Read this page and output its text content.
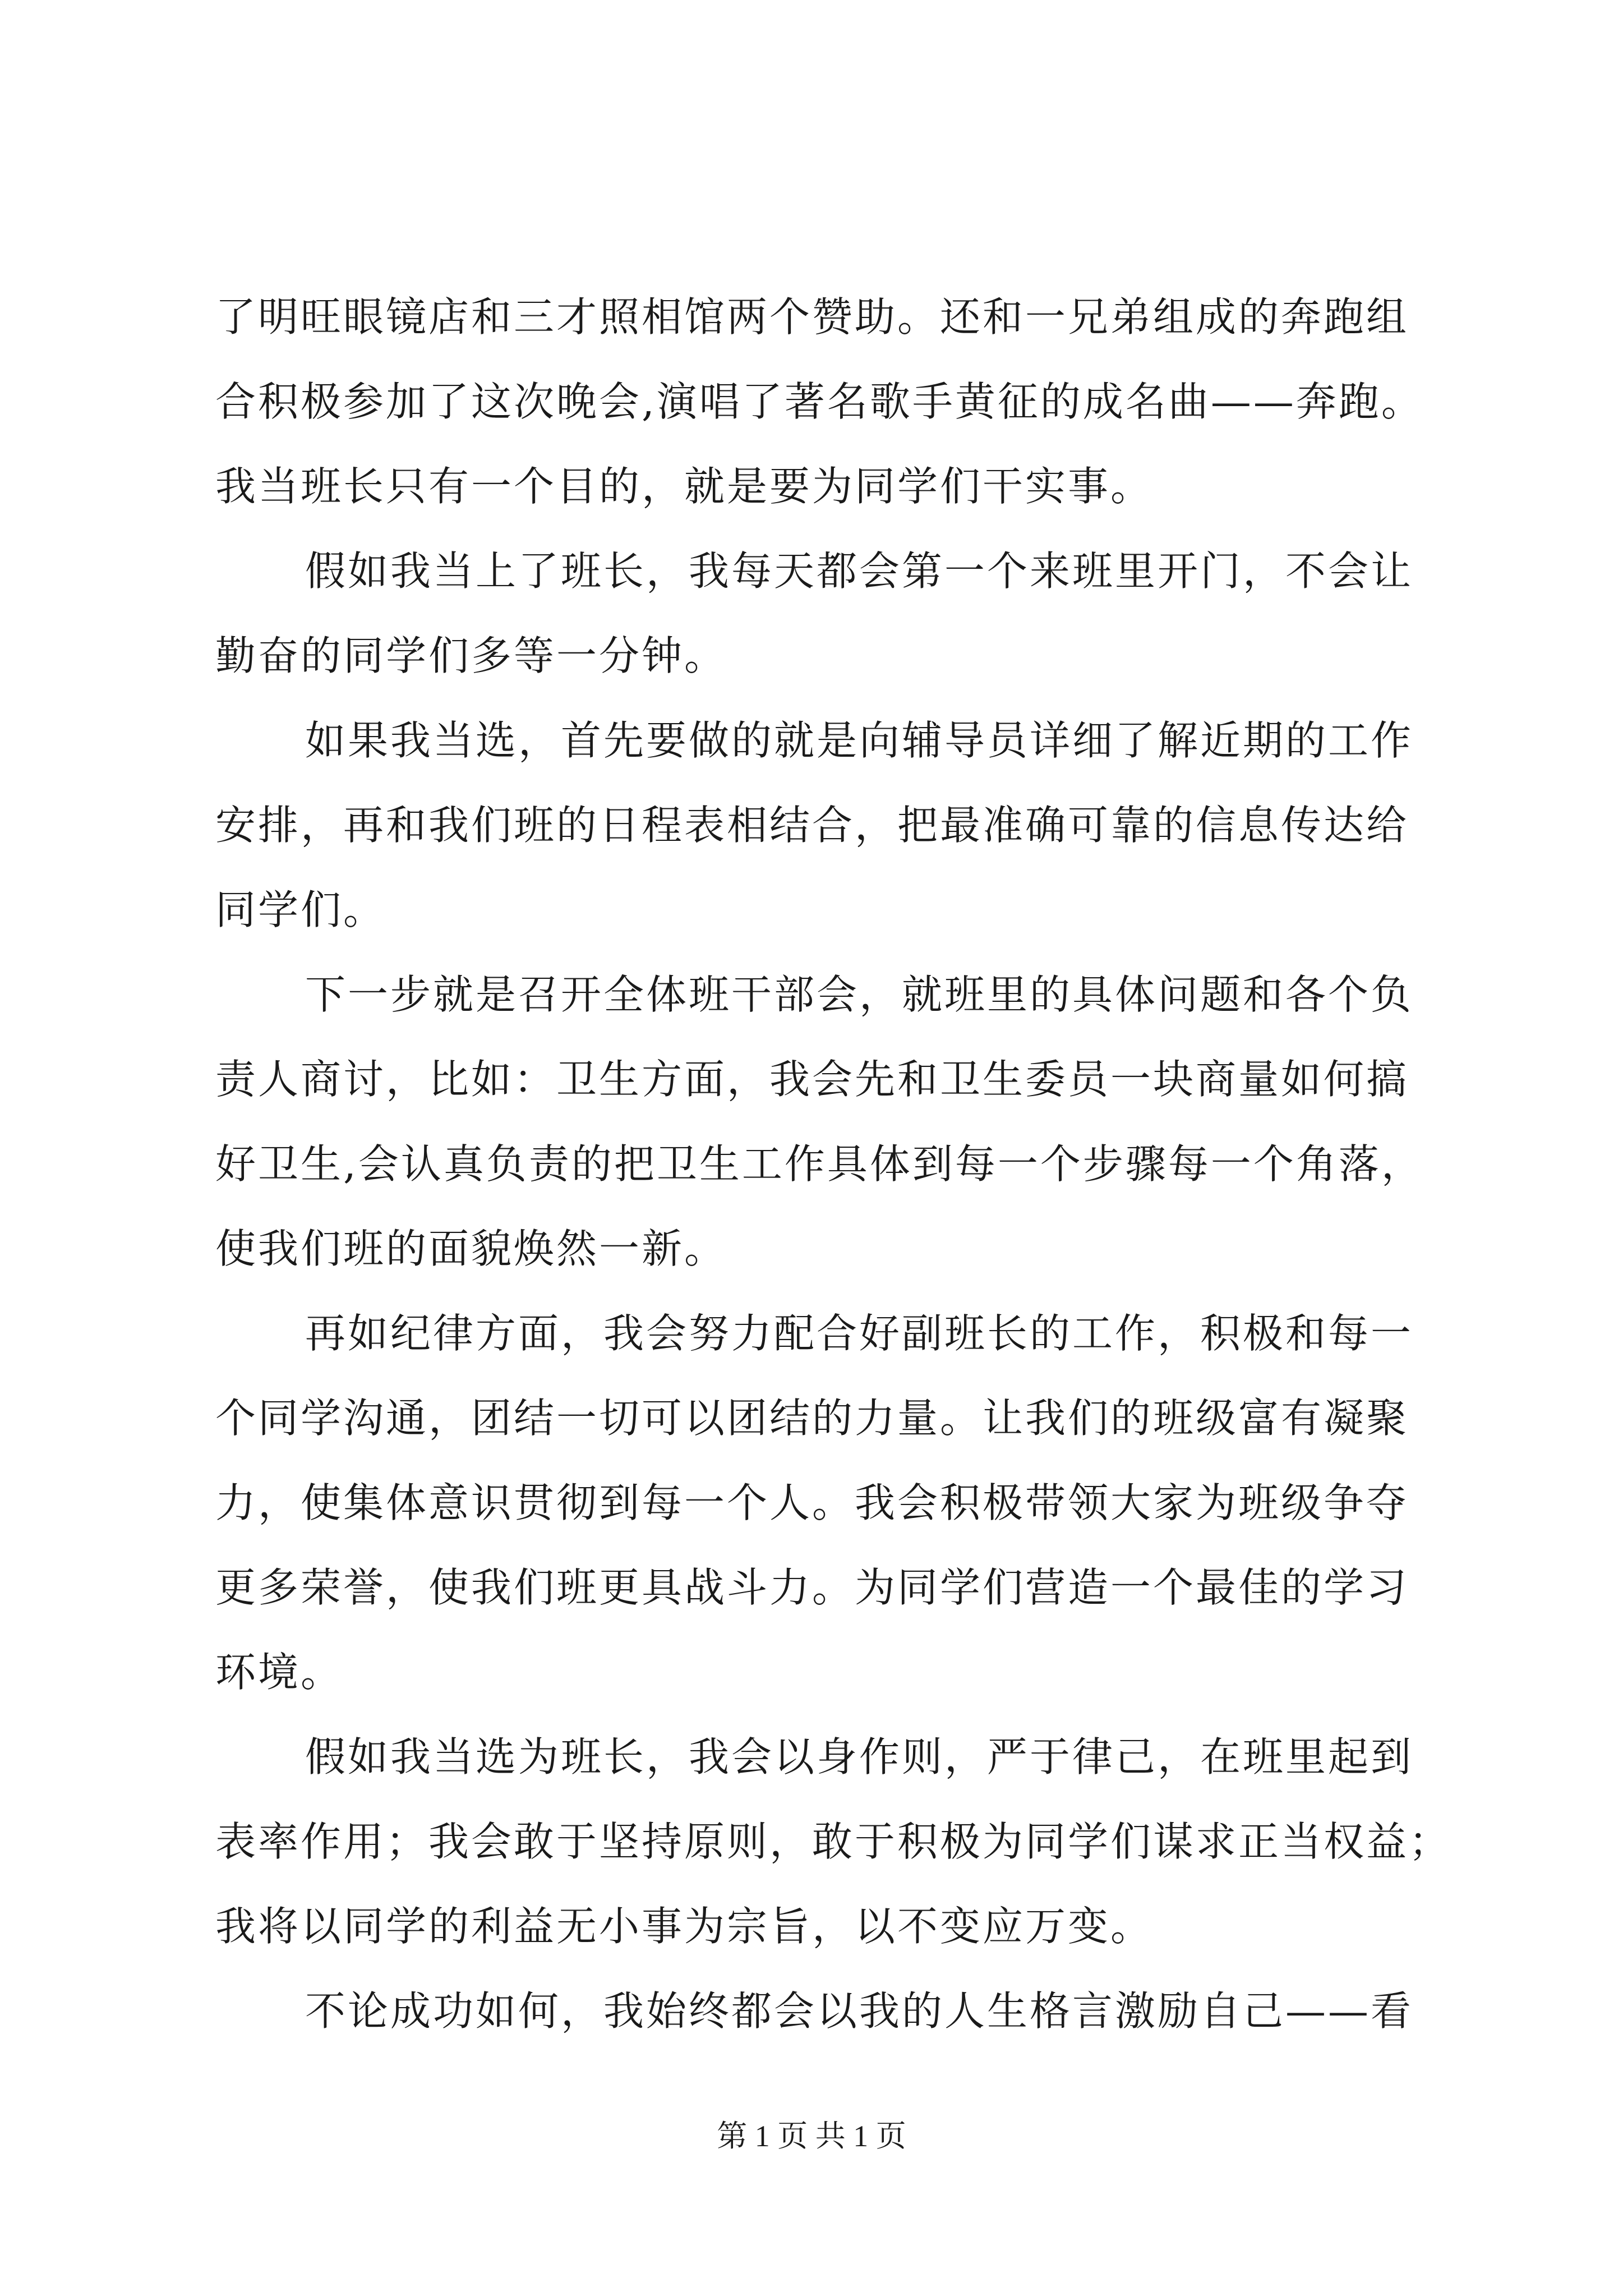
了明旺眼镜店和三才照相馆两个赞助。还和一兄弟组成的奔跑组
合积极参加了这次晚会,演唱了著名歌手黄征的成名曲——奔跑。
我当班长只有一个目的，就是要为同学们干实事。
假如我当上了班长，我每天都会第一个来班里开门，不会让
勤奋的同学们多等一分钟。
如果我当选，首先要做的就是向辅导员详细了解近期的工作
安排，再和我们班的日程表相结合，把最准确可靠的信息传达给
同学们。
下一步就是召开全体班干部会，就班里的具体问题和各个负
责人商讨，比如：卫生方面，我会先和卫生委员一块商量如何搞
好卫生,会认真负责的把卫生工作具体到每一个步骤每一个角落，
使我们班的面貌焕然一新。
再如纪律方面，我会努力配合好副班长的工作，积极和每一
个同学沟通，团结一切可以团结的力量。让我们的班级富有凝聚
力，使集体意识贯彻到每一个人。我会积极带领大家为班级争夺
更多荣誉，使我们班更具战斗力。为同学们营造一个最佳的学习
环境。
假如我当选为班长，我会以身作则，严于律己，在班里起到
表率作用；我会敢于坚持原则，敢于积极为同学们谋求正当权益；
我将以同学的利益无小事为宗旨，以不变应万变。
不论成功如何，我始终都会以我的人生格言激励自己——看
第 1 页 共 1 页
